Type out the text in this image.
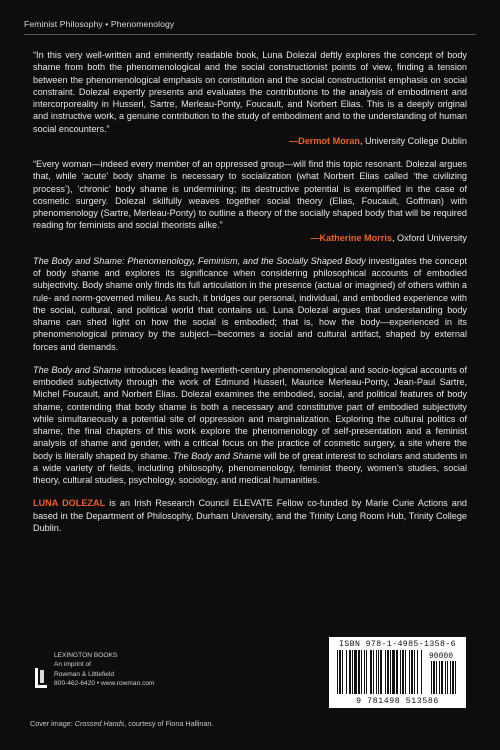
Feminist Philosophy • Phenomenology

“In this very well-written and eminently readable book, Luna Dolezal deftly explores the concept of body shame from both the phenomenological and the social constructionist points of view, finding a tension between the phenomenological emphasis on constitution and the social constructionist emphasis on social constraint. Dolezal expertly presents and evaluates the contributions to the analysis of embodiment and intercorporeality in Husserl, Sartre, Merleau-Ponty, Foucault, and Norbert Elias. This is a deeply original and instructive work, a genuine contribution to the study of embodiment and to the understanding of human social encounters.”
—Dermot Moran, University College Dublin

“Every woman—indeed every member of an oppressed group—will find this topic resonant. Dolezal argues that, while ‘acute’ body shame is necessary to socialization (what Norbert Elias called ‘the civilizing process’), ‘chronic’ body shame is undermining; its destructive potential is exemplified in the case of cosmetic surgery. Dolezal skilfully weaves together social theory (Elias, Foucault, Goffman) with phenomenology (Sartre, Merleau-Ponty) to outline a theory of the socially shaped body that will be required reading for feminists and social theorists alike.”
—Katherine Morris, Oxford University

The Body and Shame: Phenomenology, Feminism, and the Socially Shaped Body investigates the concept of body shame and explores its significance when considering philosophical accounts of embodied subjectivity. Body shame only finds its full articulation in the presence (actual or imagined) of others within a rule- and norm-governed milieu. As such, it bridges our personal, individual, and embodied experience with the social, cultural, and political world that contains us. Luna Dolezal argues that understanding body shame can shed light on how the social is embodied; that is, how the body—experienced in its phenomenological primacy by the subject—becomes a social and cultural artifact, shaped by external forces and demands.

The Body and Shame introduces leading twentieth-century phenomenological and socio-logical accounts of embodied subjectivity through the work of Edmund Husserl, Maurice Merleau-Ponty, Jean-Paul Sartre, Michel Foucault, and Norbert Elias. Dolezal examines the embodied, social, and political features of body shame, contending that body shame is both a necessary and constitutive part of embodied subjectivity while simultaneously a potential site of oppression and marginalization. Exploring the cultural politics of shame, the final chapters of this work explore the phenomenology of self-presentation and a feminist analysis of shame and gender, with a critical focus on the practice of cosmetic surgery, a site where the body is literally shaped by shame. The Body and Shame will be of great interest to scholars and students in a wide variety of fields, including philosophy, phenomenology, feminist theory, women’s studies, social theory, cultural studies, psychology, sociology, and medical humanities.

LUNA DOLEZAL is an Irish Research Council ELEVATE Fellow co-funded by Marie Curie Actions and based in the Department of Philosophy, Durham University, and the Trinity Long Room Hub, Trinity College Dublin.

LEXINGTON BOOKS
An imprint of
Rowman & Littlefield
800-462-6420 • www.rowman.com
ISBN 978-1-4985-1358-6
90000
9 781498 513586
Cover image: Crossed Hands, courtesy of Fiona Hallinan.
